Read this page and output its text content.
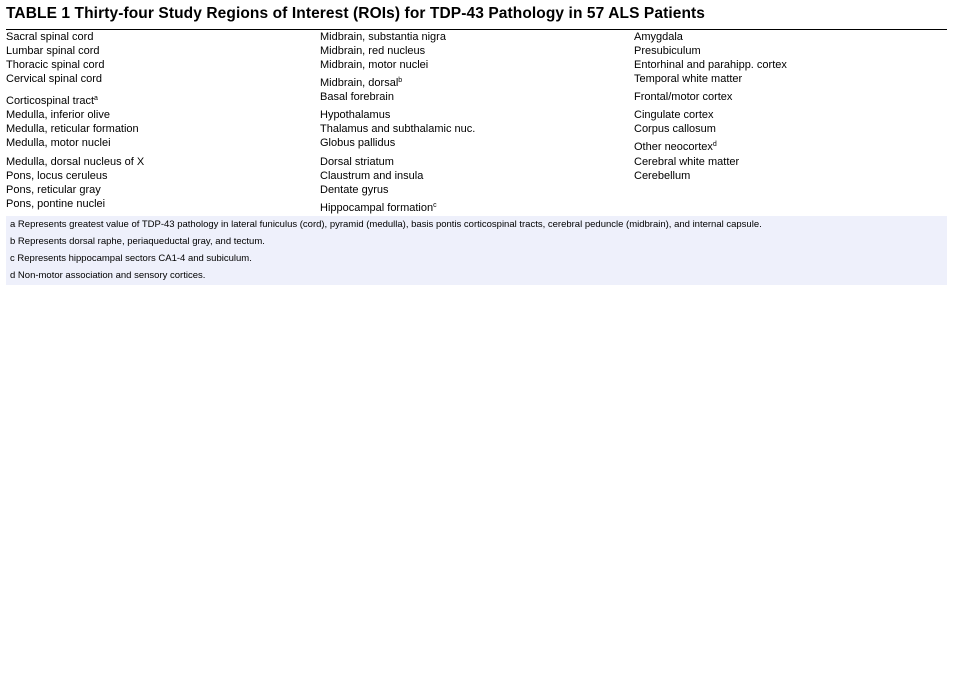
TABLE 1 Thirty-four Study Regions of Interest (ROIs) for TDP-43 Pathology in 57 ALS Patients
Sacral spinal cord
Lumbar spinal cord
Thoracic spinal cord
Cervical spinal cord
Corticospinal tract$^a$
Medulla, inferior olive
Medulla, reticular formation
Medulla, motor nuclei
Medulla, dorsal nucleus of X
Pons, locus ceruleus
Pons, reticular gray
Pons, pontine nuclei
Midbrain, substantia nigra
Midbrain, red nucleus
Midbrain, motor nuclei
Midbrain, dorsal$^b$
Basal forebrain
Hypothalamus
Thalamus and subthalamic nuc.
Globus pallidus
Dorsal striatum
Claustrum and insula
Dentate gyrus
Hippocampal formation$^c$
Amygdala
Presubiculum
Entorhinal and parahipp. cortex
Temporal white matter
Frontal/motor cortex
Cingulate cortex
Corpus callosum
Other neocortex$^d$
Cerebral white matter
Cerebellum
a Represents greatest value of TDP-43 pathology in lateral funiculus (cord), pyramid (medulla), basis pontis corticospinal tracts, cerebral peduncle (midbrain), and internal capsule.
b Represents dorsal raphe, periaqueductal gray, and tectum.
c Represents hippocampal sectors CA1-4 and subiculum.
d Non-motor association and sensory cortices.
